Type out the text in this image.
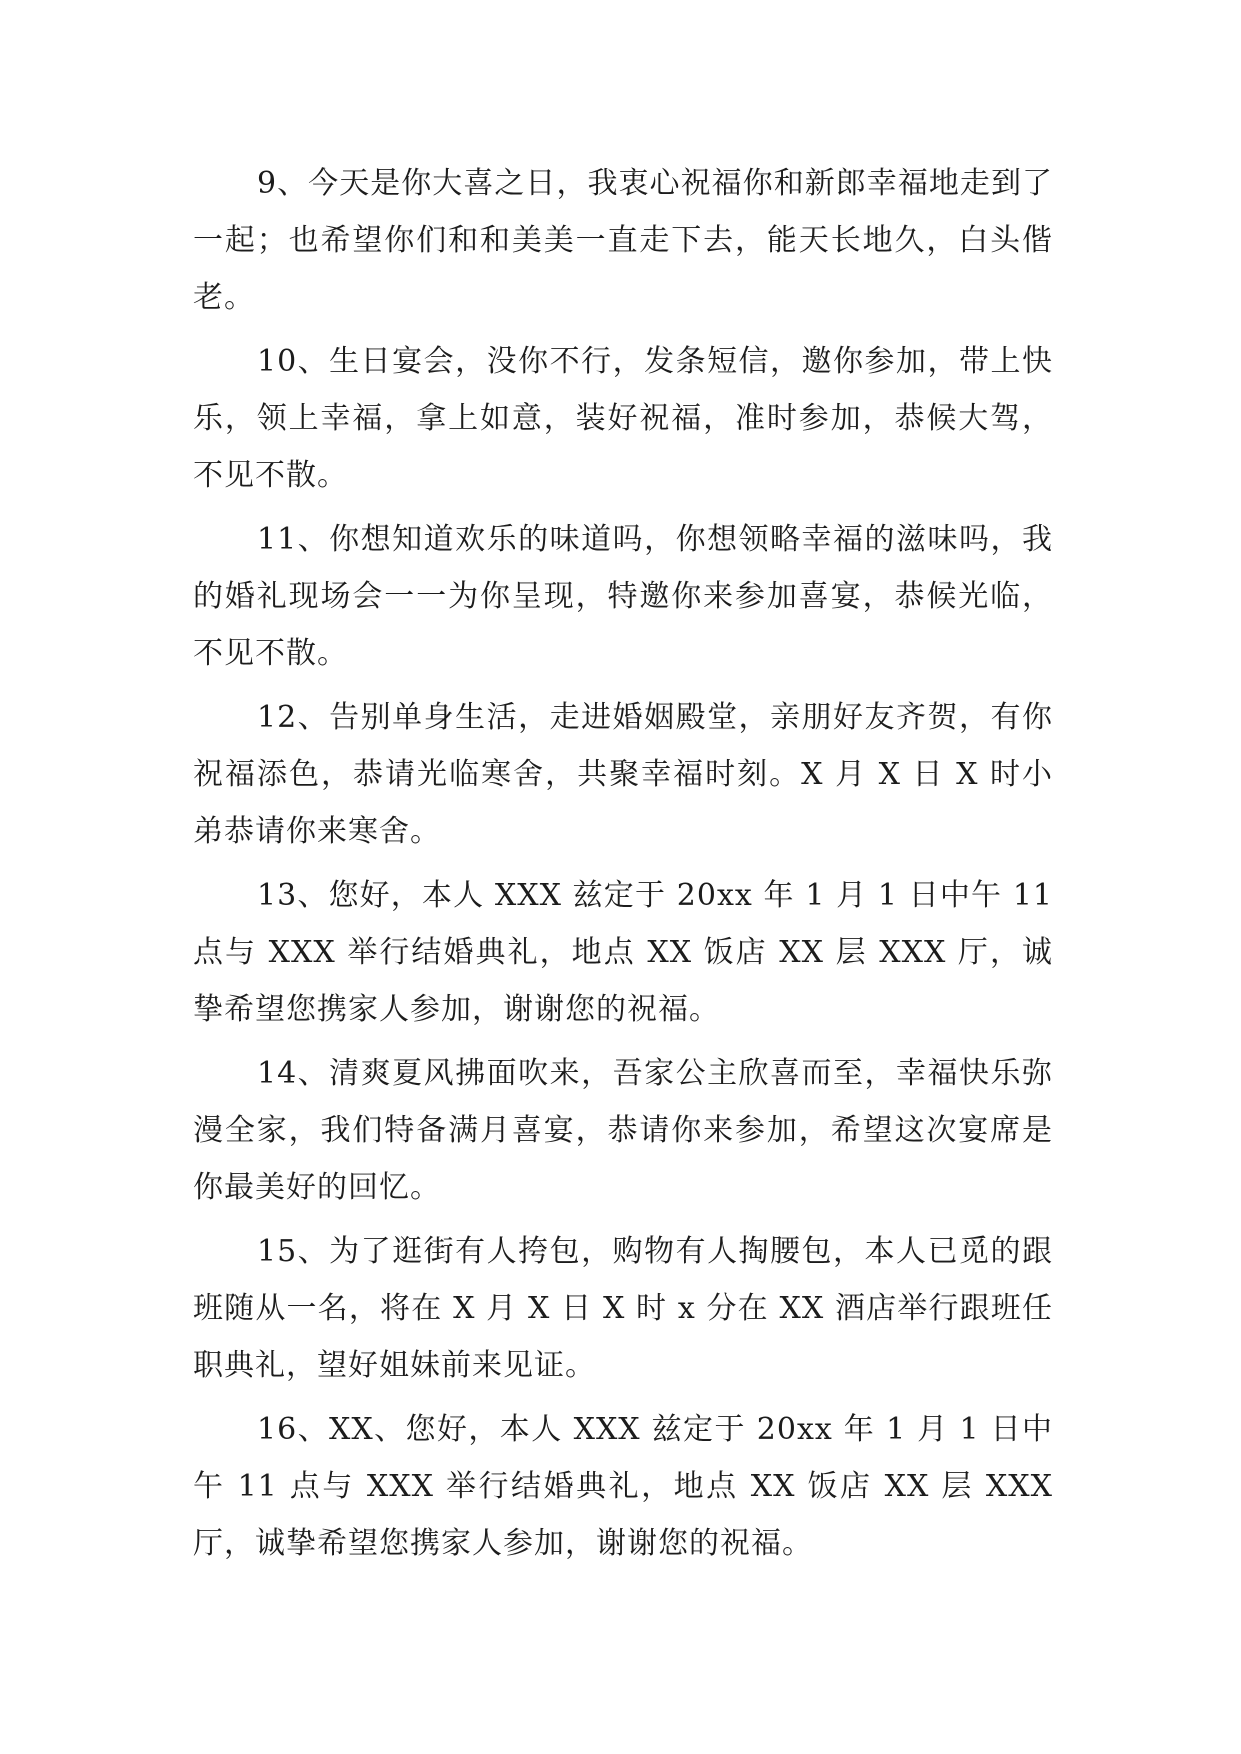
9、今天是你大喜之日，我衷心祝福你和新郎幸福地走到了一起；也希望你们和和美美一直走下去，能天长地久，白头偕老。

10、生日宴会，没你不行，发条短信，邀你参加，带上快乐，领上幸福，拿上如意，装好祝福，准时参加，恭候大驾，不见不散。

11、你想知道欢乐的味道吗，你想领略幸福的滋味吗，我的婚礼现场会一一为你呈现，特邀你来参加喜宴，恭候光临，不见不散。

12、告别单身生活，走进婚姻殿堂，亲朋好友齐贺，有你祝福添色，恭请光临寒舍，共聚幸福时刻。X 月 X 日 X 时小弟恭请你来寒舍。

13、您好，本人 XXX 兹定于 20xx 年 1 月 1 日中午 11 点与 XXX 举行结婚典礼，地点 XX 饭店 XX 层 XXX 厅，诚挚希望您携家人参加，谢谢您的祝福。

14、清爽夏风拂面吹来，吾家公主欣喜而至，幸福快乐弥漫全家，我们特备满月喜宴，恭请你来参加，希望这次宴席是你最美好的回忆。

15、为了逛街有人挎包，购物有人掏腰包，本人已觅的跟班随从一名，将在 X 月 X 日 X 时 x 分在 XX 酒店举行跟班任职典礼，望好姐妹前来见证。

16、XX、您好，本人 XXX 兹定于 20xx 年 1 月 1 日中午 11 点与 XXX 举行结婚典礼，地点 XX 饭店 XX 层 XXX 厅，诚挚希望您携家人参加，谢谢您的祝福。
